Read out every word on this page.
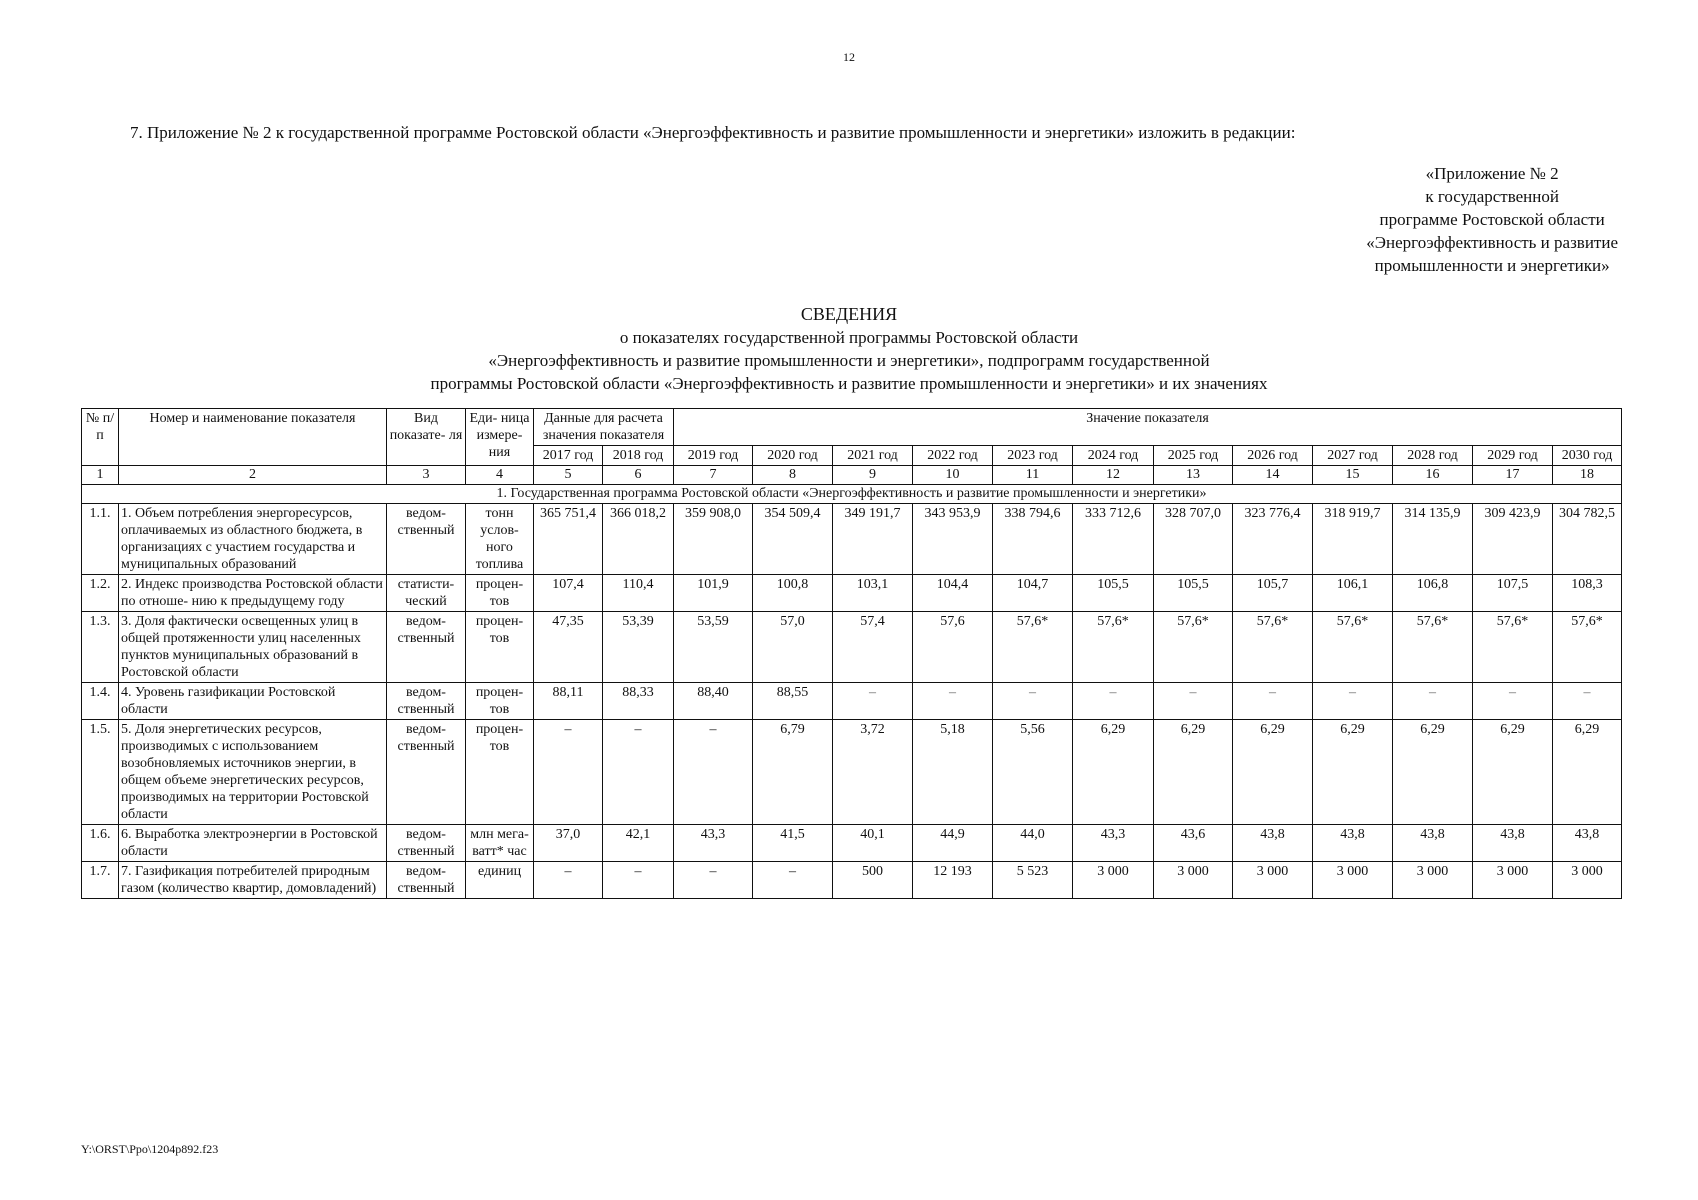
12
7. Приложение № 2 к государственной программе Ростовской области «Энергоэффективность и развитие промышленности и энергетики» изложить в редакции:
«Приложение № 2
к государственной
программе Ростовской области
«Энергоэффективность и развитие
промышленности и энергетики»
СВЕДЕНИЯ
о показателях государственной программы Ростовской области
«Энергоэффективность и развитие промышленности и энергетики», подпрограмм государственной
программы Ростовской области «Энергоэффективность и развитие промышленности и энергетики» и их значениях
№ п/п	Номер и наименование показателя	Вид показате- ля	Еди- ница измере- ния	Данные для расчета значения показателя		Значение показателя											
				2017 год	2018 год	2019 год	2020 год	2021 год	2022 год	2023 год	2024 год	2025 год	2026 год	2027 год	2028 год	2029 год	2030 год
1	2	3	4	5	6	7	8	9	10	11	12	13	14	15	16	17	18
1. Государственная программа Ростовской области «Энергоэффективность и развитие промышленности и энергетики»																	
1.1.	1. Объем потребления энергоресурсов, оплачиваемых из областного бюджета, в организациях с участием государства и муниципальных образований	ведом- ственный	тонн услов- ного топлива	365 751,4	366 018,2	359 908,0	354 509,4	349 191,7	343 953,9	338 794,6	333 712,6	328 707,0	323 776,4	318 919,7	314 135,9	309 423,9	304 782,5
1.2.	2. Индекс производства Ростовской области по отноше- нию к предыдущему году	статисти- ческий	процен- тов	107,4	110,4	101,9	100,8	103,1	104,4	104,7	105,5	105,5	105,7	106,1	106,8	107,5	108,3
1.3.	3. Доля фактически освещенных улиц в общей протяженности улиц населенных пунктов муниципальных образований в Ростовской области	ведом- ственный	процен- тов	47,35	53,39	53,59	57,0	57,4	57,6	57,6*	57,6*	57,6*	57,6*	57,6*	57,6*	57,6*	57,6*
1.4.	4. Уровень газификации Ростовской области	ведом- ственный	процен- тов	88,11	88,33	88,40	88,55	–	–	–	–	–	–	–	–	–	–
1.5.	5. Доля энергетических ресурсов, производимых с использованием возобновляемых источников энергии, в общем объеме энергетических ресурсов, производимых на территории Ростовской области	ведом- ственный	процен- тов	–	–	–	6,79	3,72	5,18	5,56	6,29	6,29	6,29	6,29	6,29	6,29	6,29
1.6.	6. Выработка электроэнергии в Ростовской области	ведом- ственный	млн мега- ватт* час	37,0	42,1	43,3	41,5	40,1	44,9	44,0	43,3	43,6	43,8	43,8	43,8	43,8	43,8
1.7.	7. Газификация потребителей природным газом (количество квартир, домовладений)	ведом- ственный	единиц	–	–	–	–	500	12 193	5 523	3 000	3 000	3 000	3 000	3 000	3 000	3 000
Y:\ORST\Ppo\1204p892.f23
